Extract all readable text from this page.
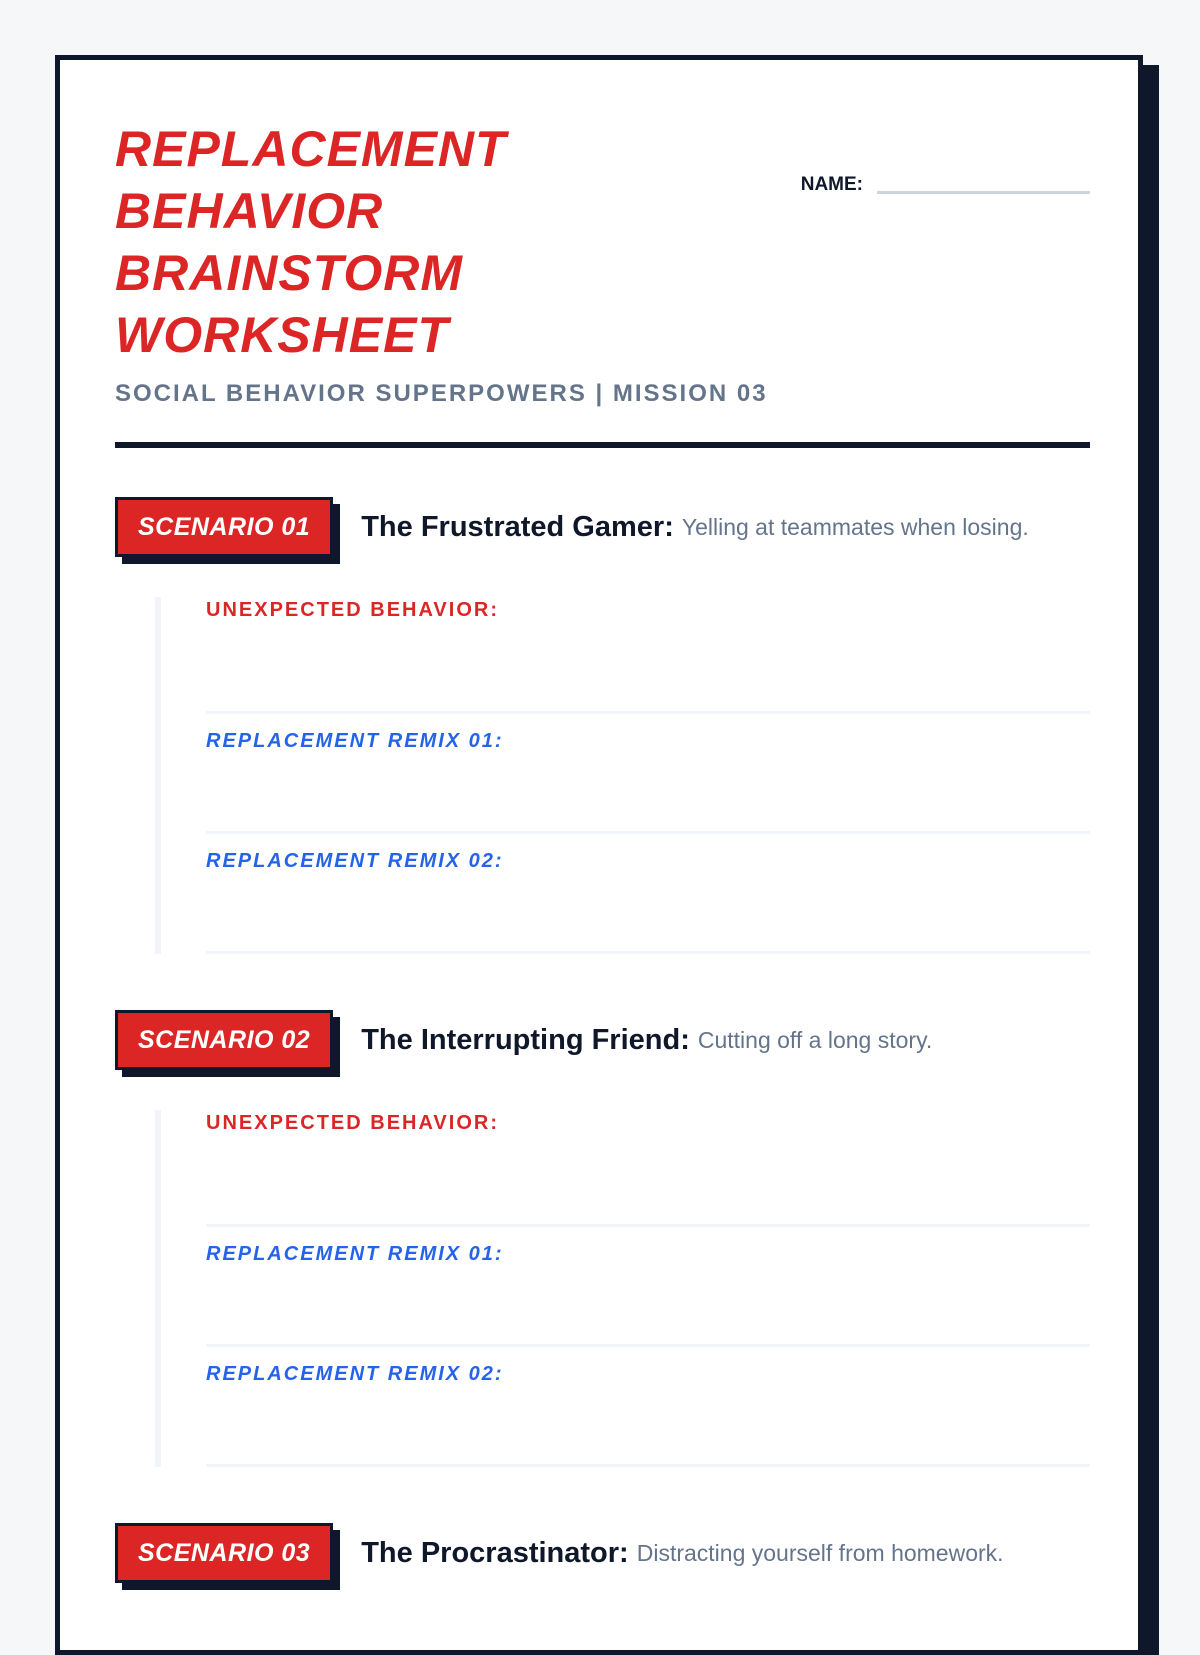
REPLACEMENT BEHAVIOR BRAINSTORM WORKSHEET
SOCIAL BEHAVIOR SUPERPOWERS | MISSION 03
NAME:
SCENARIO 01	The Frustrated Gamer: Yelling at teammates when losing.
UNEXPECTED BEHAVIOR:
REPLACEMENT REMIX 01:
REPLACEMENT REMIX 02:
SCENARIO 02	The Interrupting Friend: Cutting off a long story.
UNEXPECTED BEHAVIOR:
REPLACEMENT REMIX 01:
REPLACEMENT REMIX 02:
SCENARIO 03	The Procrastinator: Distracting yourself from homework.
